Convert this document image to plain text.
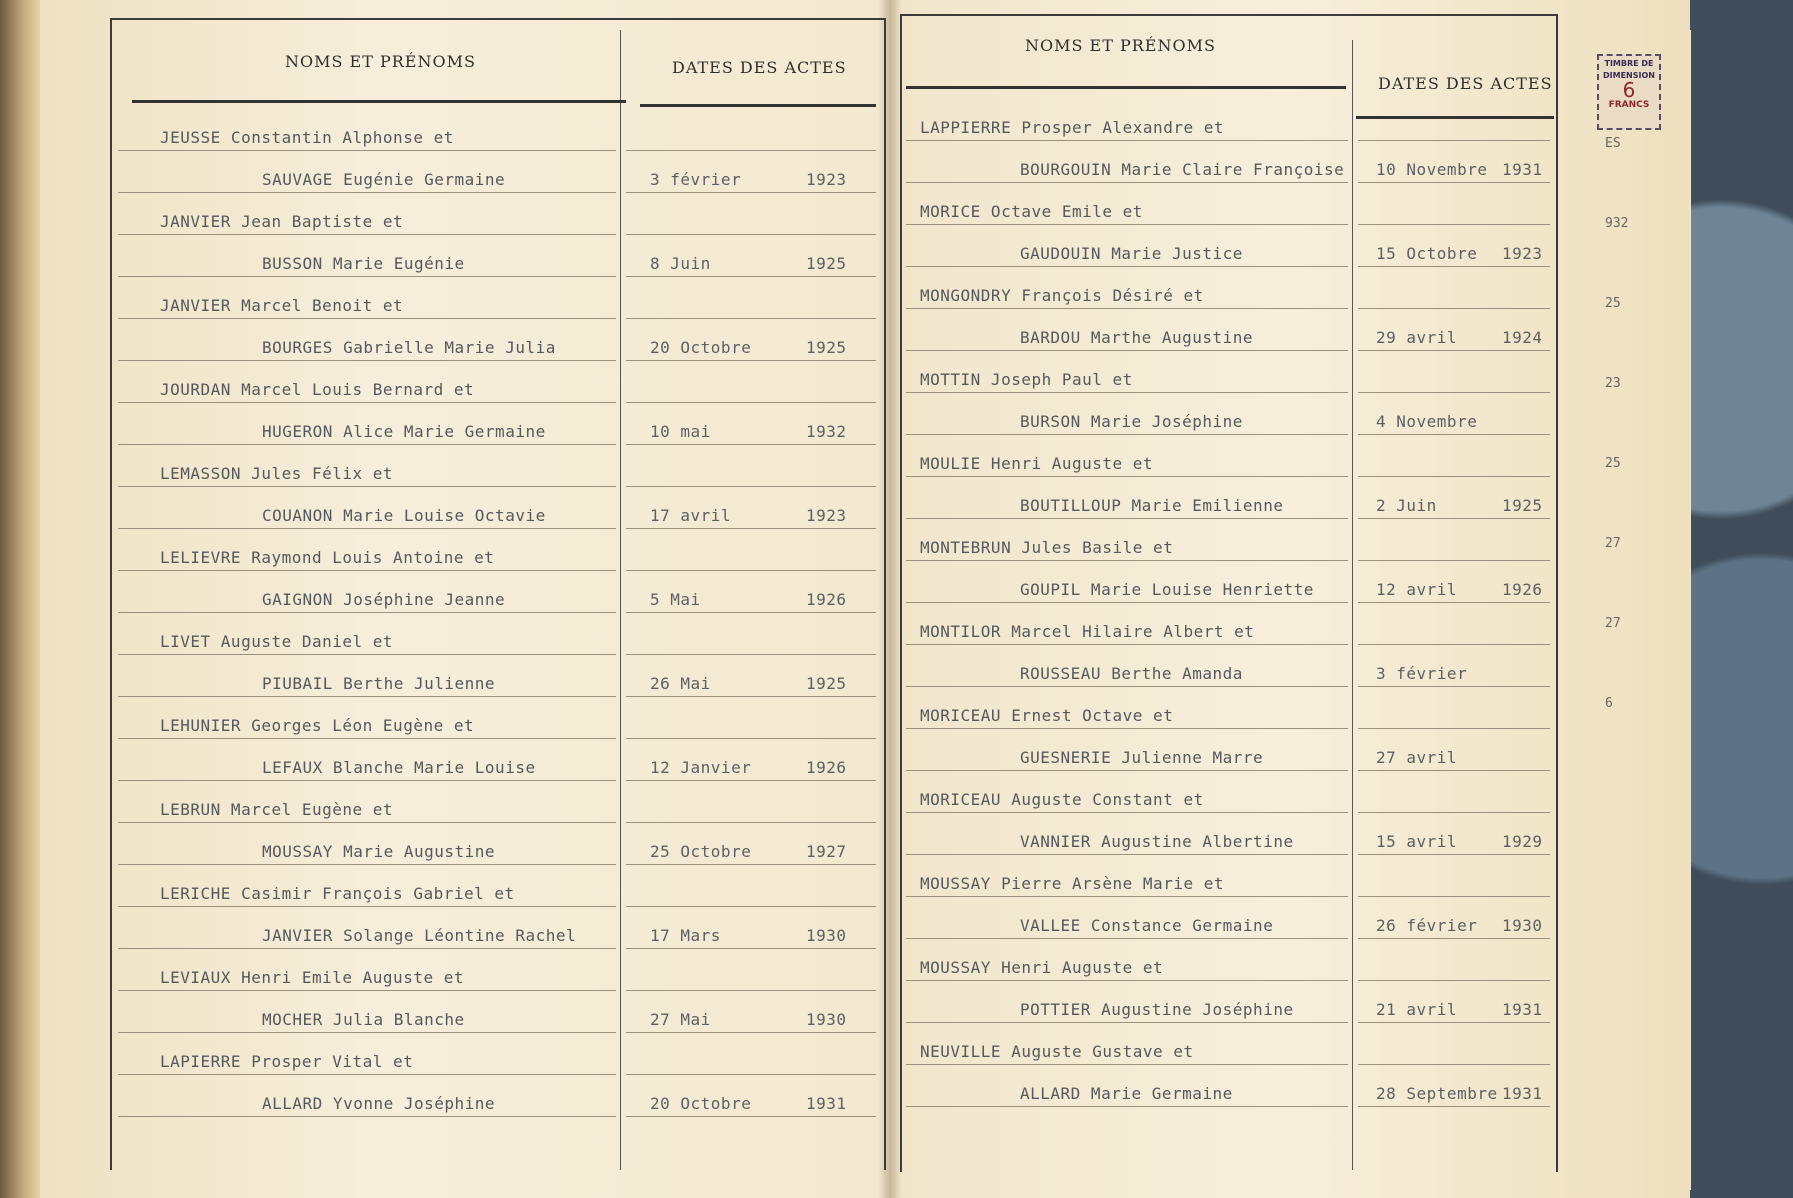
ES
932
25
23
25
27
27
6
TIMBRE DE
DIMENSION
6
FRANCS
NOMS ET PRÉNOMS	DATES DES ACTES
JEUSSE Constantin Alphonse et
SAUVAGE Eugénie Germaine	3 février	1923
JANVIER Jean Baptiste et
BUSSON Marie Eugénie	8 Juin	1925
JANVIER Marcel Benoit et
BOURGES Gabrielle Marie Julia	20 Octobre	1925
JOURDAN Marcel Louis Bernard et
HUGERON Alice Marie Germaine	10 mai	1932
LEMASSON Jules Félix et
COUANON Marie Louise Octavie	17 avril	1923
LELIEVRE Raymond Louis Antoine et
GAIGNON Joséphine Jeanne	5 Mai	1926
LIVET Auguste Daniel et
PIUBAIL Berthe Julienne	26 Mai	1925
LEHUNIER Georges Léon Eugène et
LEFAUX Blanche Marie Louise	12 Janvier	1926
LEBRUN Marcel Eugène et
MOUSSAY Marie Augustine	25 Octobre	1927
LERICHE Casimir François Gabriel et
JANVIER Solange Léontine Rachel	17 Mars	1930
LEVIAUX Henri Emile Auguste et
MOCHER Julia Blanche	27 Mai	1930
LAPIERRE Prosper Vital et
ALLARD Yvonne Joséphine	20 Octobre	1931
NOMS ET PRÉNOMS
DATES DES ACTES
LAPPIERRE Prosper Alexandre et
BOURGOUIN Marie Claire Françoise 10 Novembre 1931
MORICE Octave Emile et
GAUDOUIN Marie Justice	15 Octobre 1923
MONGONDRY François Désiré et
BARDOU Marthe Augustine	29 avril	1924
MOTTIN Joseph Paul et
BURSON Marie Joséphine	4 Novembre
MOULIE Henri Auguste et
BOUTILLOUP Marie Emilienne	2 Juin	1925
MONTEBRUN Jules Basile et
GOUPIL Marie Louise Henriette	12 avril	1926
MONTILOR Marcel Hilaire Albert et
ROUSSEAU Berthe Amanda	3 février
MORICEAU Ernest Octave et
GUESNERIE Julienne Marre	27 avril
MORICEAU Auguste Constant et
VANNIER Augustine Albertine	15 avril	1929
MOUSSAY Pierre Arsène Marie et
VALLEE Constance Germaine	26 février 1930
MOUSSAY Henri Auguste et
POTTIER Augustine Joséphine	21 avril	1931
NEUVILLE Auguste Gustave et
ALLARD Marie Germaine	28 Septembre 1931
